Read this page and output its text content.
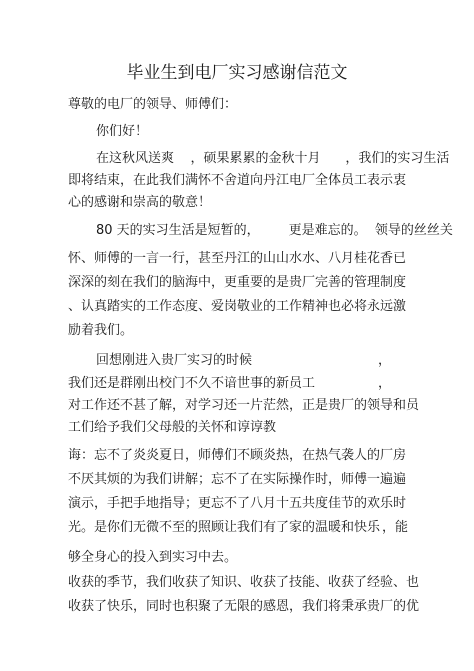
毕业生到电厂实习感谢信范文
尊敬的电厂的领导、师傅们：
你们好！
在这秋风送爽    ，硕果累累的金秋十月      ，我们的实习生活
即将结束，在此我们满怀不舍道向丹江电厂全体员工表示衷
心的感谢和崇高的敬意！
80 天的实习生活是短暂的，       更是难忘的。  领导的丝丝关
怀、师傅的一言一行，甚至丹江的山山水水、八月桂花香已
深深的刻在我们的脑海中，更重要的是贵厂完善的管理制度
、认真踏实的工作态度、爱岗敬业的工作精神也必将永远激
励着我们。
回想刚进入贵厂实习的时候	，
我们还是群刚出校门不久不谙世事的新员工	，
对工作还不甚了解，对学习还一片茫然，正是贵厂的领导和员
工们给予我们父母般的关怀和谆谆教
诲：忘不了炎炎夏日，师傅们不顾炎热，在热气袭人的厂房
不厌其烦的为我们讲解；忘不了在实际操作时，师傅一遍遍
演示，手把手地指导；更忘不了八月十五共度佳节的欢乐时
光。是你们无微不至的照顾让我们有了家的温暖和快乐 ，能
够全身心的投入到实习中去。
收获的季节，我们收获了知识、收获了技能、收获了经验、也
收获了快乐，同时也积聚了无限的感恩，我们将秉承贵厂的优
